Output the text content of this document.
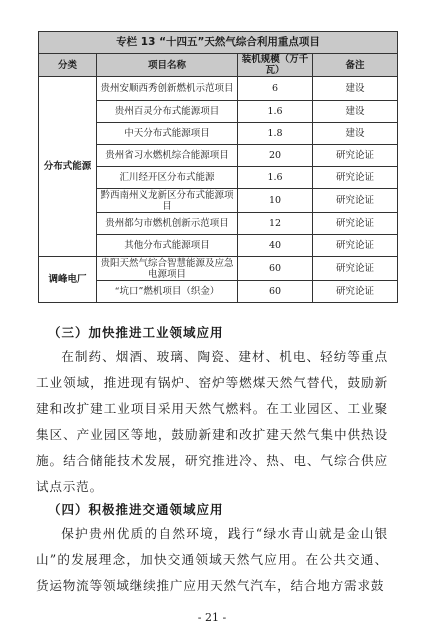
专栏 13 “十四五”天然气综合利用重点项目			
分类	项目名称	装机规模（万千瓦）	备注
分布式能源	贵州安顺西秀创新燃机示范项目	6	建设
	贵州百灵分布式能源项目	1.6	建设
	中天分布式能源项目	1.8	建设
	贵州省习水燃机综合能源项目	20	研究论证
	汇川经开区分布式能源	1.6	研究论证
	黔西南州义龙新区分布式能源项目	10	研究论证
	贵州都匀市燃机创新示范项目	12	研究论证
	其他分布式能源项目	40	研究论证
调峰电厂	贵阳天然气综合智慧能源及应急电源项目	60	研究论证
	“坑口”燃机项目（织金）	60	研究论证
（三）加快推进工业领域应用

在制药、烟酒、玻璃、陶瓷、建材、机电、轻纺等重点工业领域，推进现有锅炉、窑炉等燃煤天然气替代，鼓励新建和改扩建工业项目采用天然气燃料。在工业园区、工业聚集区、产业园区等地，鼓励新建和改扩建天然气集中供热设施。结合储能技术发展，研究推进冷、热、电、气综合供应试点示范。

（四）积极推进交通领域应用

保护贵州优质的自然环境，践行“绿水青山就是金山银山”的发展理念，加快交通领域天然气应用。在公共交通、货运物流等领域继续推广应用天然气汽车，结合地方需求鼓

- 21 -
